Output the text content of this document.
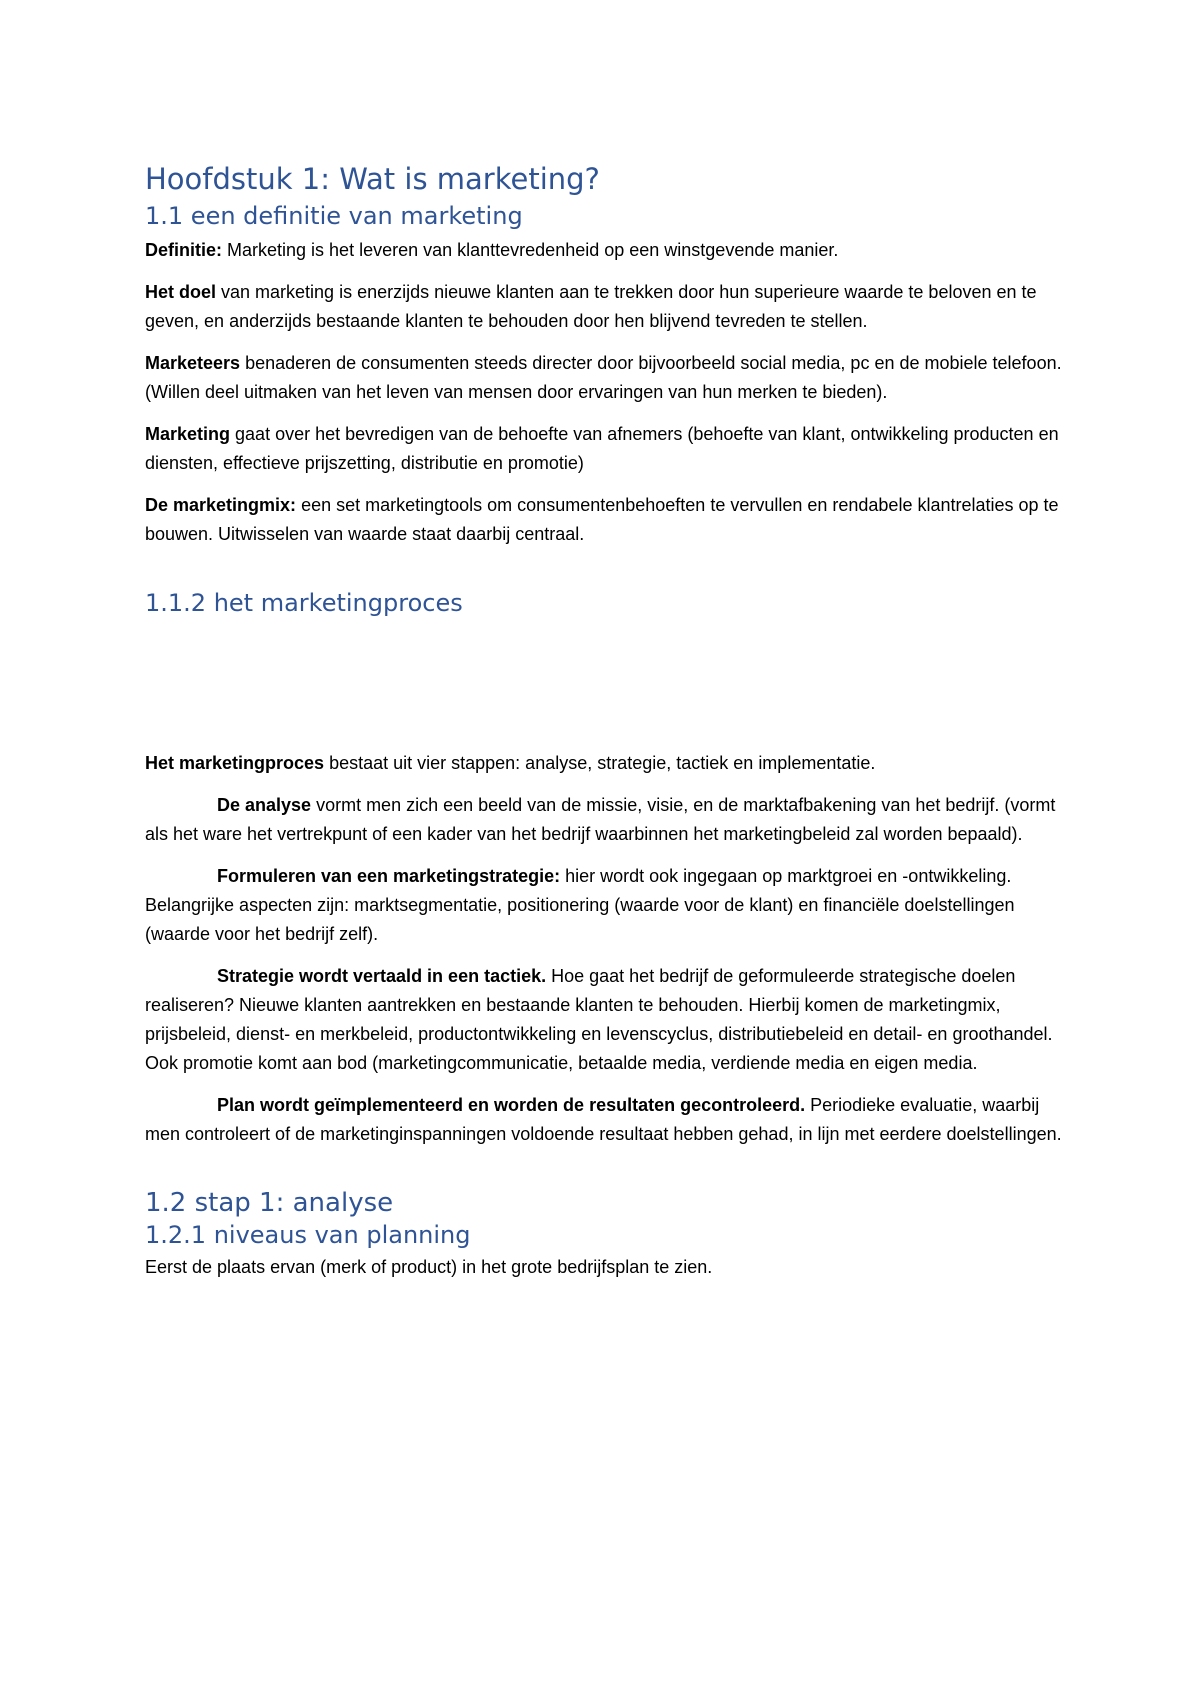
Hoofdstuk 1: Wat is marketing?
1.1 een definitie van marketing

Definitie: Marketing is het leveren van klanttevredenheid op een winstgevende manier.

Het doel van marketing is enerzijds nieuwe klanten aan te trekken door hun superieure waarde te beloven en te geven, en anderzijds bestaande klanten te behouden door hen blijvend tevreden te stellen.

Marketeers benaderen de consumenten steeds directer door bijvoorbeeld social media, pc en de mobiele telefoon. (Willen deel uitmaken van het leven van mensen door ervaringen van hun merken te bieden).

Marketing gaat over het bevredigen van de behoefte van afnemers (behoefte van klant, ontwikkeling producten en diensten, effectieve prijszetting, distributie en promotie)

De marketingmix: een set marketingtools om consumentenbehoeften te vervullen en rendabele klantrelaties op te bouwen. Uitwisselen van waarde staat daarbij centraal.

1.1.2 het marketingproces

Het marketingproces bestaat uit vier stappen: analyse, strategie, tactiek en implementatie.

De analyse vormt men zich een beeld van de missie, visie, en de marktafbakening van het bedrijf. (vormt als het ware het vertrekpunt of een kader van het bedrijf waarbinnen het marketingbeleid zal worden bepaald).

Formuleren van een marketingstrategie: hier wordt ook ingegaan op marktgroei en -ontwikkeling. Belangrijke aspecten zijn: marktsegmentatie, positionering (waarde voor de klant) en financiële doelstellingen (waarde voor het bedrijf zelf).

Strategie wordt vertaald in een tactiek. Hoe gaat het bedrijf de geformuleerde strategische doelen realiseren? Nieuwe klanten aantrekken en bestaande klanten te behouden. Hierbij komen de marketingmix, prijsbeleid, dienst- en merkbeleid, productontwikkeling en levenscyclus, distributiebeleid en detail- en groothandel. Ook promotie komt aan bod (marketingcommunicatie, betaalde media, verdiende media en eigen media.

Plan wordt geïmplementeerd en worden de resultaten gecontroleerd. Periodieke evaluatie, waarbij men controleert of de marketinginspanningen voldoende resultaat hebben gehad, in lijn met eerdere doelstellingen.

1.2 stap 1: analyse
1.2.1 niveaus van planning

Eerst de plaats ervan (merk of product) in het grote bedrijfsplan te zien.
